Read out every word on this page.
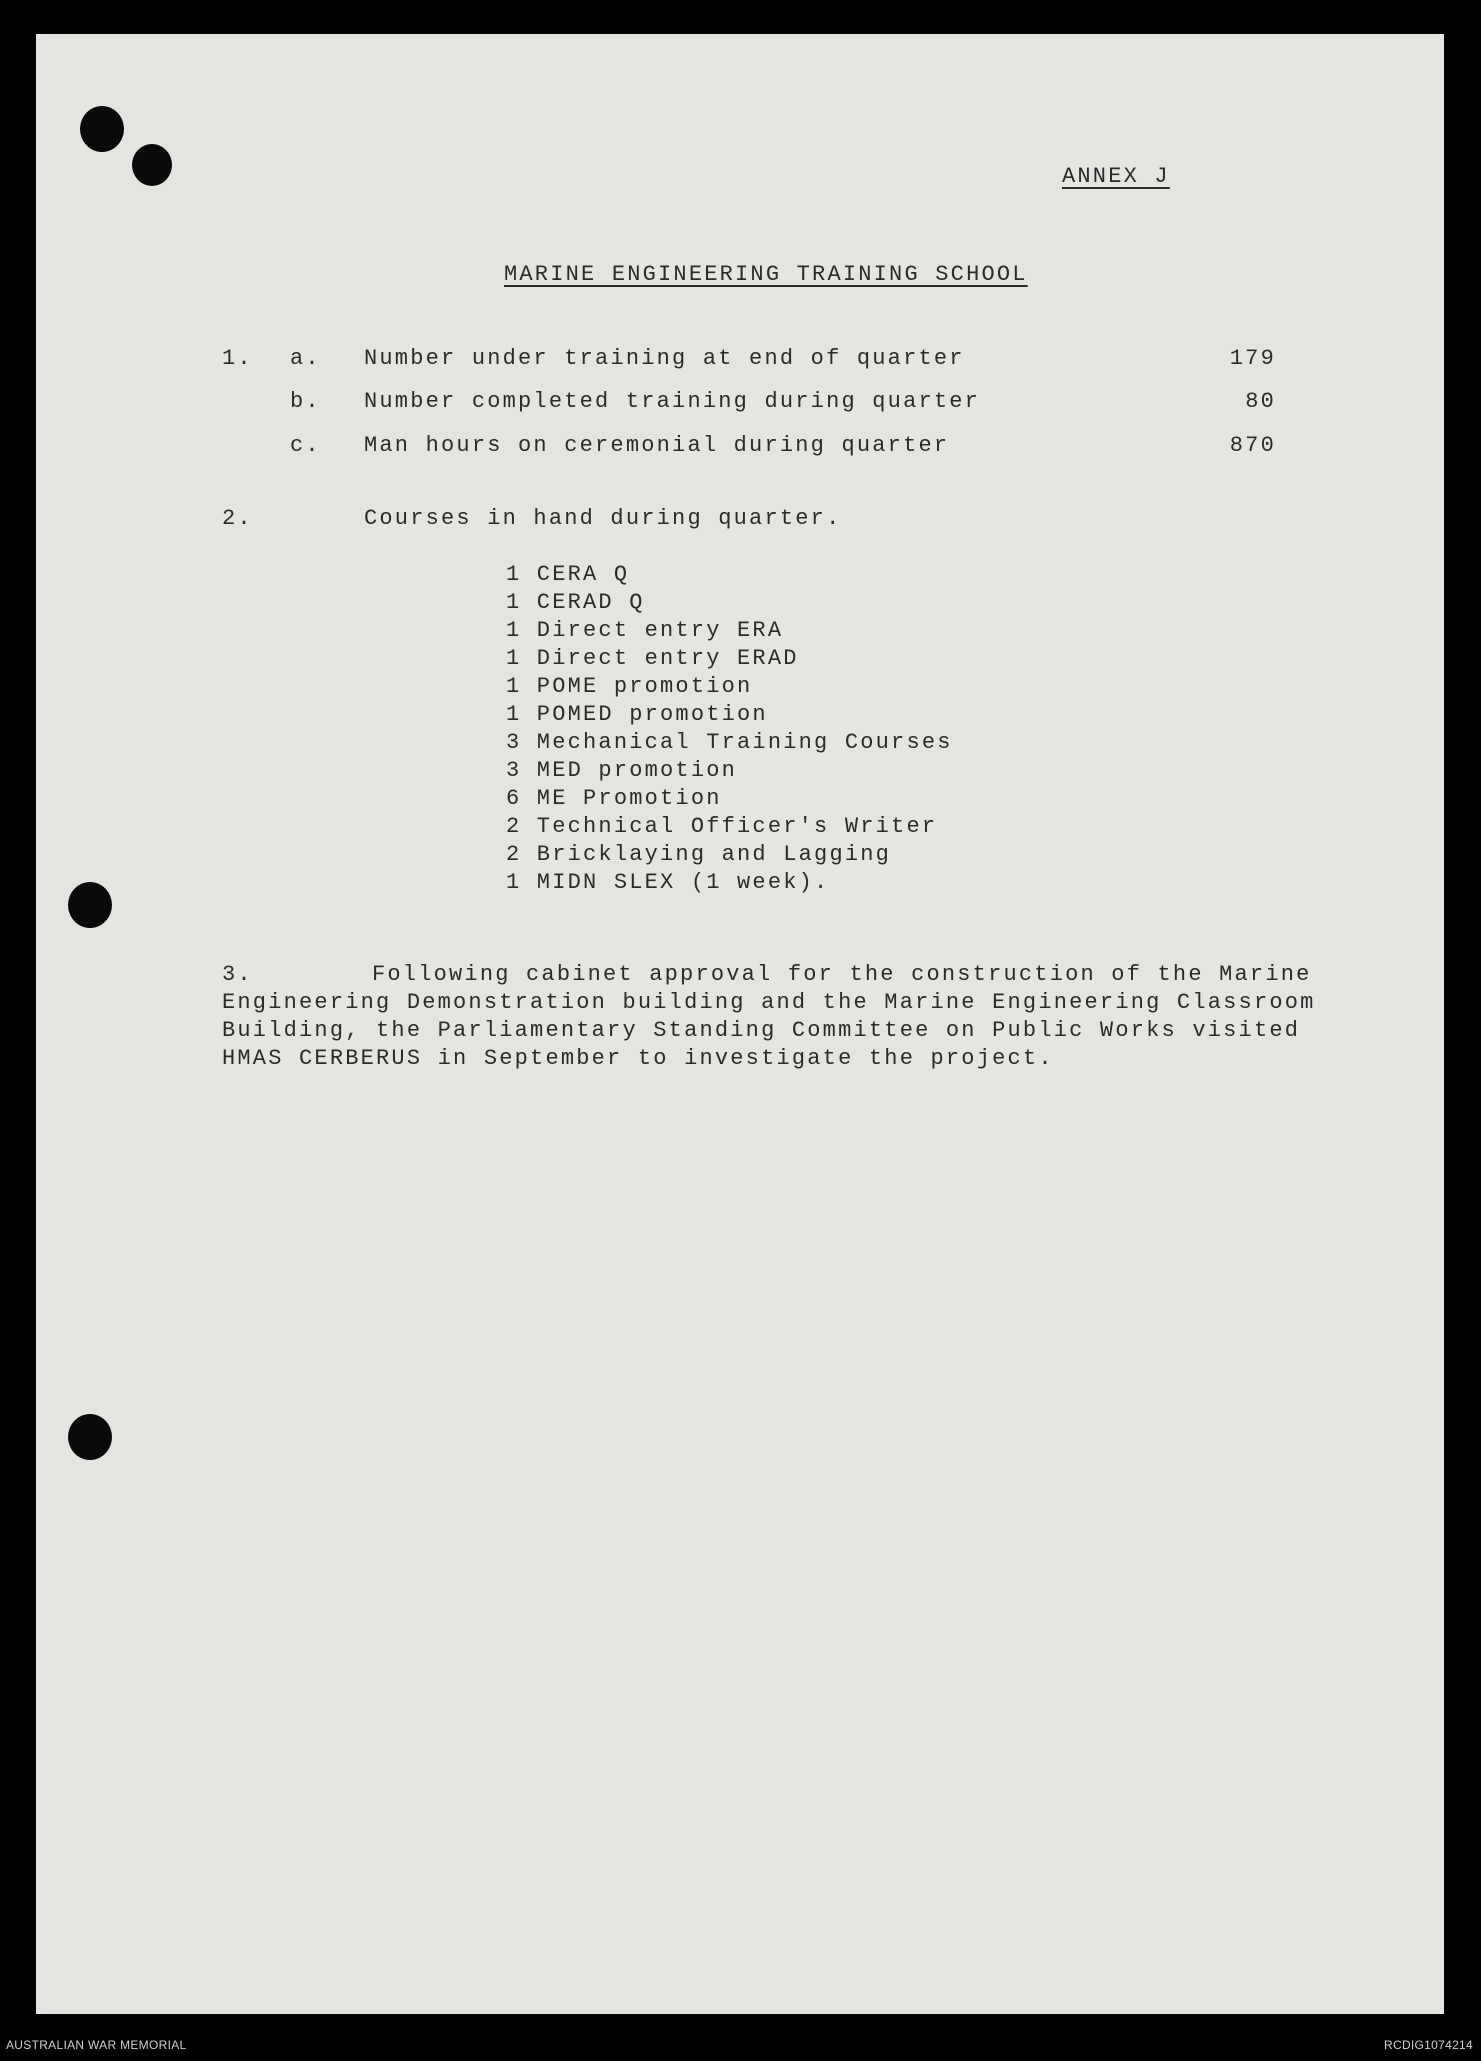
ANNEX J
MARINE ENGINEERING TRAINING SCHOOL
1. a. Number under training at end of quarter	179
b. Number completed training during quarter	80
c. Man hours on ceremonial during quarter	870
2.	Courses in hand during quarter.
1 CERA Q
1 CERAD Q
1 Direct entry ERA
1 Direct entry ERAD
1 POME promotion
1 POMED promotion
3 Mechanical Training Courses
3 MED promotion
6 ME Promotion
2 Technical Officer's Writer
2 Bricklaying and Lagging
1 MIDN SLEX (1 week).
3.	Following cabinet approval for the construction of the Marine
Engineering Demonstration building and the Marine Engineering Classroom
Building, the Parliamentary Standing Committee on Public Works visited
HMAS CERBERUS in September to investigate the project.
AUSTRALIAN WAR MEMORIAL	RCDIG1074214
